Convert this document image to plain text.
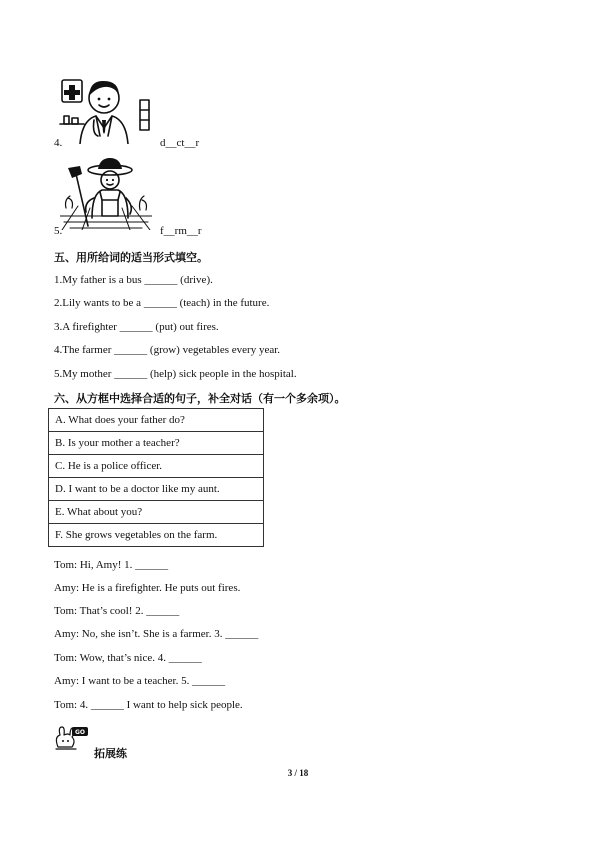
4.	d__ct__r
5.	f__rm__r
五、用所给词的适当形式填空。
1.My father is a bus ______ (drive).
2.Lily wants to be a ______ (teach) in the future.
3.A firefighter ______ (put) out fires.
4.The farmer ______ (grow) vegetables every year.
5.My mother ______ (help) sick people in the hospital.
六、从方框中选择合适的句子，补全对话（有一个多余项）。
A. What does your father do?
B. Is your mother a teacher?
C. He is a police officer.
D. I want to be a doctor like my aunt.
E. What about you?
F. She grows vegetables on the farm.
Tom: Hi, Amy! 1. ______
Amy: He is a firefighter. He puts out fires.
Tom: That’s cool! 2. ______
Amy: No, she isn’t. She is a farmer. 3. ______
Tom: Wow, that’s nice. 4. ______
Amy: I want to be a teacher. 5. ______
Tom: 4. ______ I want to help sick people.
GO
拓展练
3 / 18
